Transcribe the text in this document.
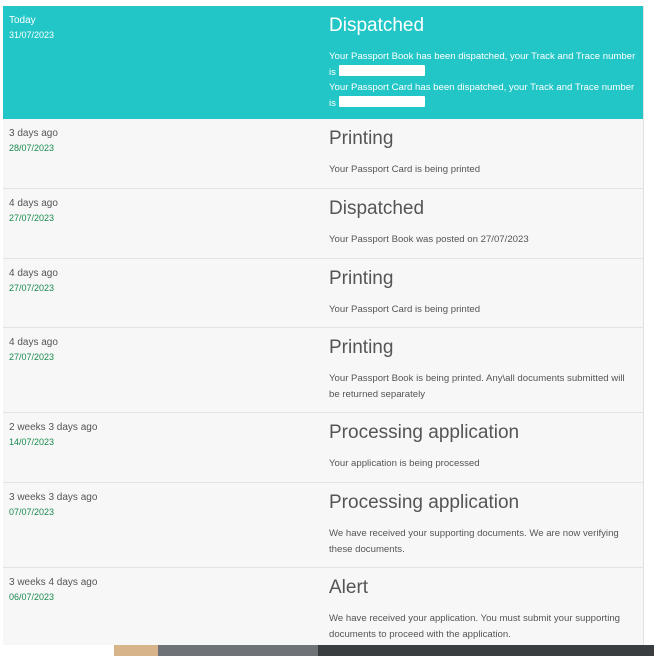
Today
31/07/2023	Dispatched

Your Passport Book has been dispatched, your Track and Trace number is

Your Passport Card has been dispatched, your Track and Trace number is

3 days ago
28/07/2023	Printing
Your Passport Card is being printed
4 days ago
27/07/2023	Dispatched
Your Passport Book was posted on 27/07/2023
4 days ago
27/07/2023	Printing
Your Passport Card is being printed
4 days ago
27/07/2023	Printing
Your Passport Book is being printed. Any\all documents submitted will be returned separately
2 weeks 3 days ago
14/07/2023	Processing application
Your application is being processed
3 weeks 3 days ago
07/07/2023	Processing application
We have received your supporting documents. We are now verifying these documents.
3 weeks 4 days ago
06/07/2023	Alert
We have received your application. You must submit your supporting documents to proceed with the application.
